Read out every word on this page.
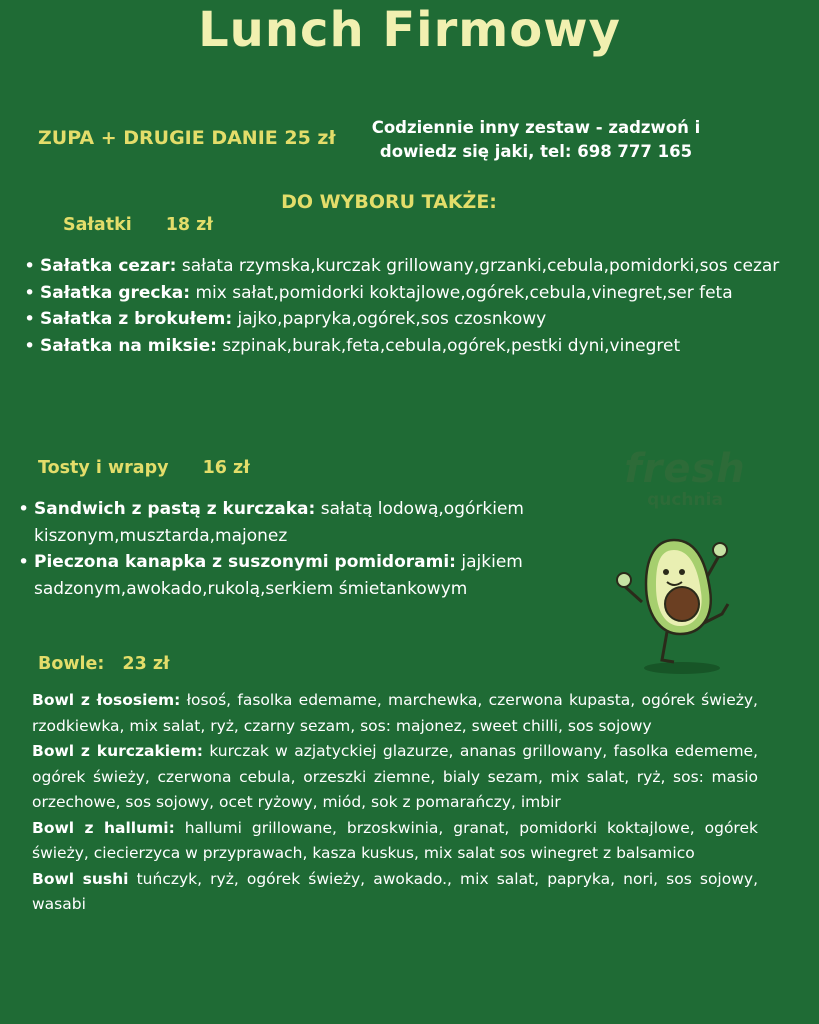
Lunch Firmowy
ZUPA + DRUGIE DANIE 25 zł	Codziennie inny zestaw - zadzwoń i dowiedz się jaki, tel: 698 777 165
DO WYBORU TAKŻE:
Sałatki 18 zł
• Sałatka cezar: sałata rzymska,kurczak grillowany,grzanki,cebula,pomidorki,sos cezar
• Sałatka grecka: mix sałat,pomidorki koktajlowe,ogórek,cebula,vinegret,ser feta
• Sałatka z brokułem: jajko,papryka,ogórek,sos czosnkowy
• Sałatka na miksie: szpinak,burak,feta,cebula,ogórek,pestki dyni,vinegret
Tosty i wrapy 16 zł
• Sandwich z pastą z kurczaka: sałatą lodową,ogórkiem kiszonym,musztarda,majonez
• Pieczona kanapka z suszonymi pomidorami: jajkiem sadzonym,awokado,rukolą,serkiem śmietankowym
fresh
quchnia
Bowle: 23 zł

Bowl z łososiem: łosoś, fasolka edemame, marchewka, czerwona kupasta, ogórek świeży, rzodkiewka, mix salat, ryż, czarny sezam, sos: majonez, sweet chilli, sos sojowy

Bowl z kurczakiem: kurczak w azjatyckiej glazurze, ananas grillowany, fasolka edememe, ogórek świeży, czerwona cebula, orzeszki ziemne, bialy sezam, mix salat, ryż, sos: masio orzechowe, sos sojowy, ocet ryżowy, miód, sok z pomarańczy, imbir

Bowl z hallumi: hallumi grillowane, brzoskwinia, granat, pomidorki koktajlowe, ogórek świeży, ciecierzyca w przyprawach, kasza kuskus, mix salat sos winegret z balsamico

Bowl sushi tuńczyk, ryż, ogórek świeży, awokado., mix salat, papryka, nori, sos sojowy, wasabi
